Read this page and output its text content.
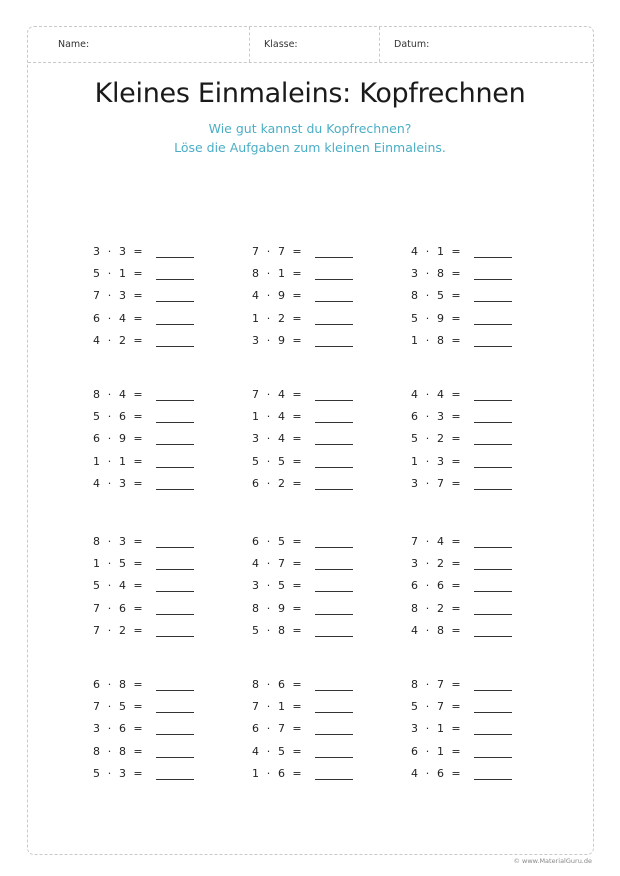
Name:	Klasse:	Datum:
Kleines Einmaleins: Kopfrechnen
Wie gut kannst du Kopfrechnen?
Löse die Aufgaben zum kleinen Einmaleins.
3 · 3 =
5 · 1 =
7 · 3 =
6 · 4 =
4 · 2 =
7 · 7 =
8 · 1 =
4 · 9 =
1 · 2 =
3 · 9 =
4 · 1 =
3 · 8 =
8 · 5 =
5 · 9 =
1 · 8 =
8 · 4 =
5 · 6 =
6 · 9 =
1 · 1 =
4 · 3 =
7 · 4 =
1 · 4 =
3 · 4 =
5 · 5 =
6 · 2 =
4 · 4 =
6 · 3 =
5 · 2 =
1 · 3 =
3 · 7 =
8 · 3 =
1 · 5 =
5 · 4 =
7 · 6 =
7 · 2 =
6 · 5 =
4 · 7 =
3 · 5 =
8 · 9 =
5 · 8 =
7 · 4 =
3 · 2 =
6 · 6 =
8 · 2 =
4 · 8 =
6 · 8 =
7 · 5 =
3 · 6 =
8 · 8 =
5 · 3 =
8 · 6 =
7 · 1 =
6 · 7 =
4 · 5 =
1 · 6 =
8 · 7 =
5 · 7 =
3 · 1 =
6 · 1 =
4 · 6 =
© www.MaterialGuru.de
